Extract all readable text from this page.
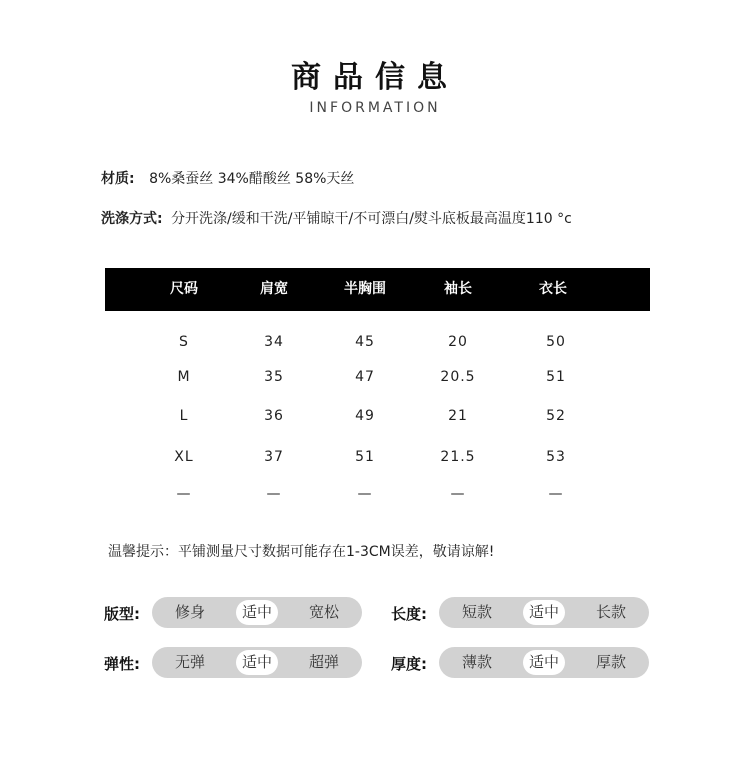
商品信息
INFORMATION
材质: 8%桑蚕丝 34%醋酸丝 58%天丝
洗涤方式: 分开洗涤/缓和干洗/平铺晾干/不可漂白/熨斗底板最高温度110 °c
尺码	肩宽	半胸围	袖长	衣长
S	34	45	20	50
M	35	47	20.5	51
L	36	49	21	52
XL	37	51	21.5	53
—	—	—	—	—
温馨提示：平铺测量尺寸数据可能存在1-3CM误差，敬请谅解!
版型: 修身	适中	宽松	长度: 短款	适中	长款
弹性: 无弹	适中	超弹	厚度: 薄款	适中	厚款
